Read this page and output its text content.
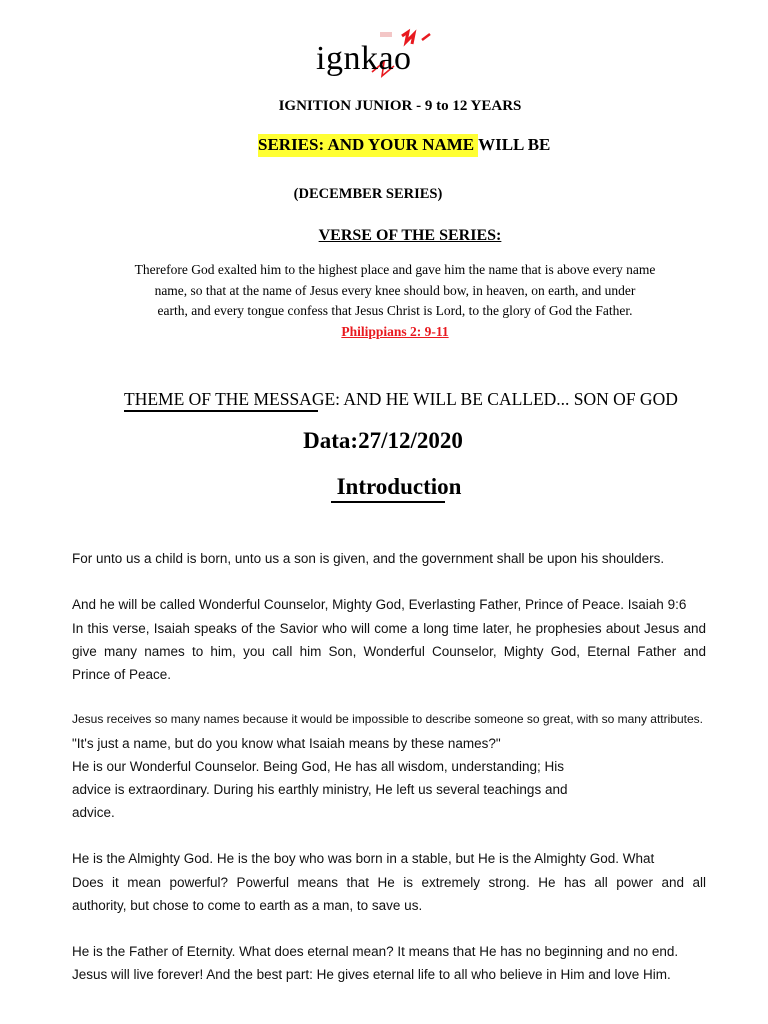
ignkao
IGNITION JUNIOR - 9 to 12 YEARS
SERIES: AND YOUR NAME WILL BE
(DECEMBER SERIES)
VERSE OF THE SERIES:
Therefore God exalted him to the highest place and gave him the name that is above every name
name, so that at the name of Jesus every knee should bow, in heaven, on earth, and under
earth, and every tongue confess that Jesus Christ is Lord, to the glory of God the Father.
Philippians 2: 9-11
THEME OF THE MESSAGE: AND HE WILL BE CALLED... SON OF GOD
Data:27/12/2020
Introduction
For unto us a child is born, unto us a son is given, and the government shall be upon his shoulders.
And he will be called Wonderful Counselor, Mighty God, Everlasting Father, Prince of Peace. Isaiah 9:6
In this verse, Isaiah speaks of the Savior who will come a long time later, he prophesies about Jesus and
give many names to him, you call him Son, Wonderful Counselor, Mighty God, Eternal Father and
Prince of Peace.
Jesus receives so many names because it would be impossible to describe someone so great, with so many attributes.
"It's just a name, but do you know what Isaiah means by these names?"
He is our Wonderful Counselor. Being God, He has all wisdom, understanding; His
advice is extraordinary. During his earthly ministry, He left us several teachings and
advice.
He is the Almighty God. He is the boy who was born in a stable, but He is the Almighty God. What
Does it mean powerful? Powerful means that He is extremely strong. He has all power and all
authority, but chose to come to earth as a man, to save us.
He is the Father of Eternity. What does eternal mean? It means that He has no beginning and no end.
Jesus will live forever! And the best part: He gives eternal life to all who believe in Him and love Him.
